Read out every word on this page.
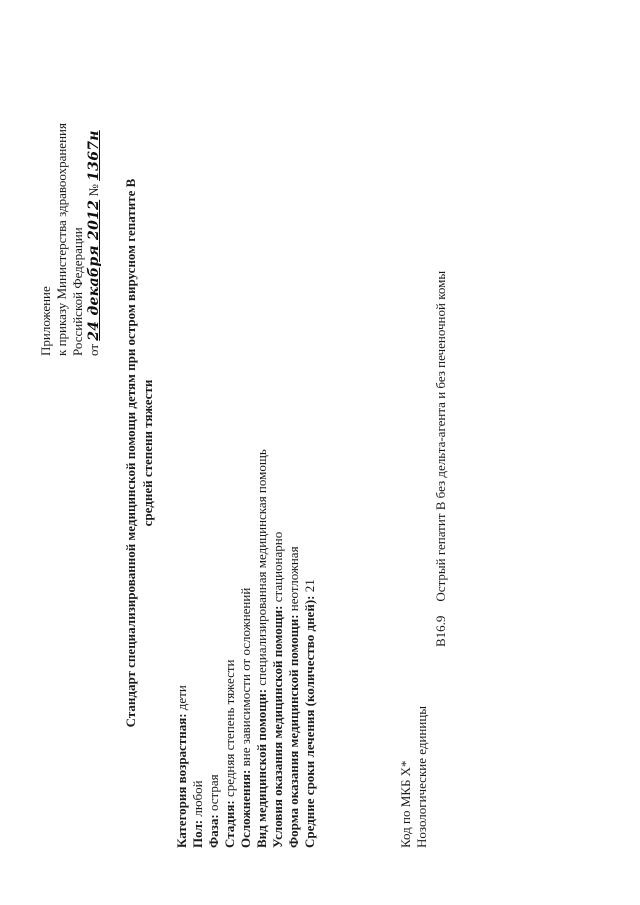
Приложение к приказу Министерства здравоохранения Российской Федерации от 24 декабря 2012 № 1367н
Стандарт специализированной медицинской помощи детям при остром вирусном гепатите B средней степени тяжести
Категория возрастная: дети
Пол: любой
Фаза: острая
Стадия: средняя степень тяжести
Осложнения: вне зависимости от осложнений
Вид медицинской помощи: специализированная медицинская помощь
Условия оказания медицинской помощи: стационарно
Форма оказания медицинской помощи: неотложная
Средние сроки лечения (количество дней): 21
Код по МКБ X* Нозологические единицы
B16.9Острый гепатит B без дельта-агента и без печеночной комы
